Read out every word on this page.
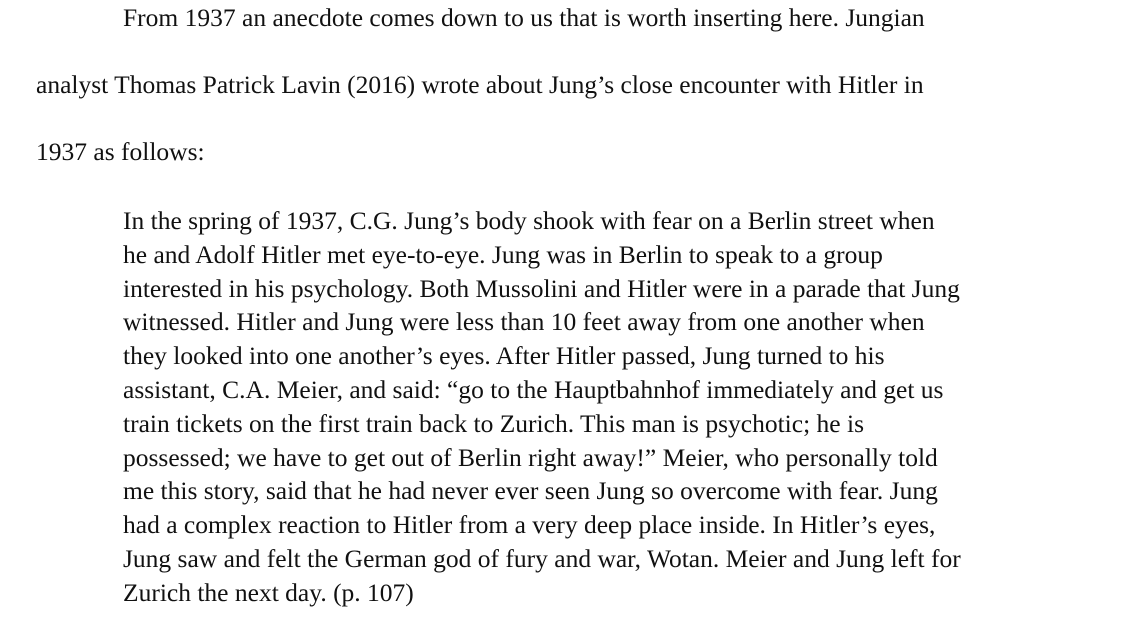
From 1937 an anecdote comes down to us that is worth inserting here. Jungian
analyst Thomas Patrick Lavin (2016) wrote about Jung’s close encounter with Hitler in
1937 as follows:
In the spring of 1937, C.G. Jung’s body shook with fear on a Berlin street when
he and Adolf Hitler met eye-to-eye. Jung was in Berlin to speak to a group
interested in his psychology. Both Mussolini and Hitler were in a parade that Jung
witnessed. Hitler and Jung were less than 10 feet away from one another when
they looked into one another’s eyes. After Hitler passed, Jung turned to his
assistant, C.A. Meier, and said: “go to the Hauptbahnhof immediately and get us
train tickets on the first train back to Zurich. This man is psychotic; he is
possessed; we have to get out of Berlin right away!” Meier, who personally told
me this story, said that he had never ever seen Jung so overcome with fear. Jung
had a complex reaction to Hitler from a very deep place inside. In Hitler’s eyes,
Jung saw and felt the German god of fury and war, Wotan. Meier and Jung left for
Zurich the next day. (p. 107)
